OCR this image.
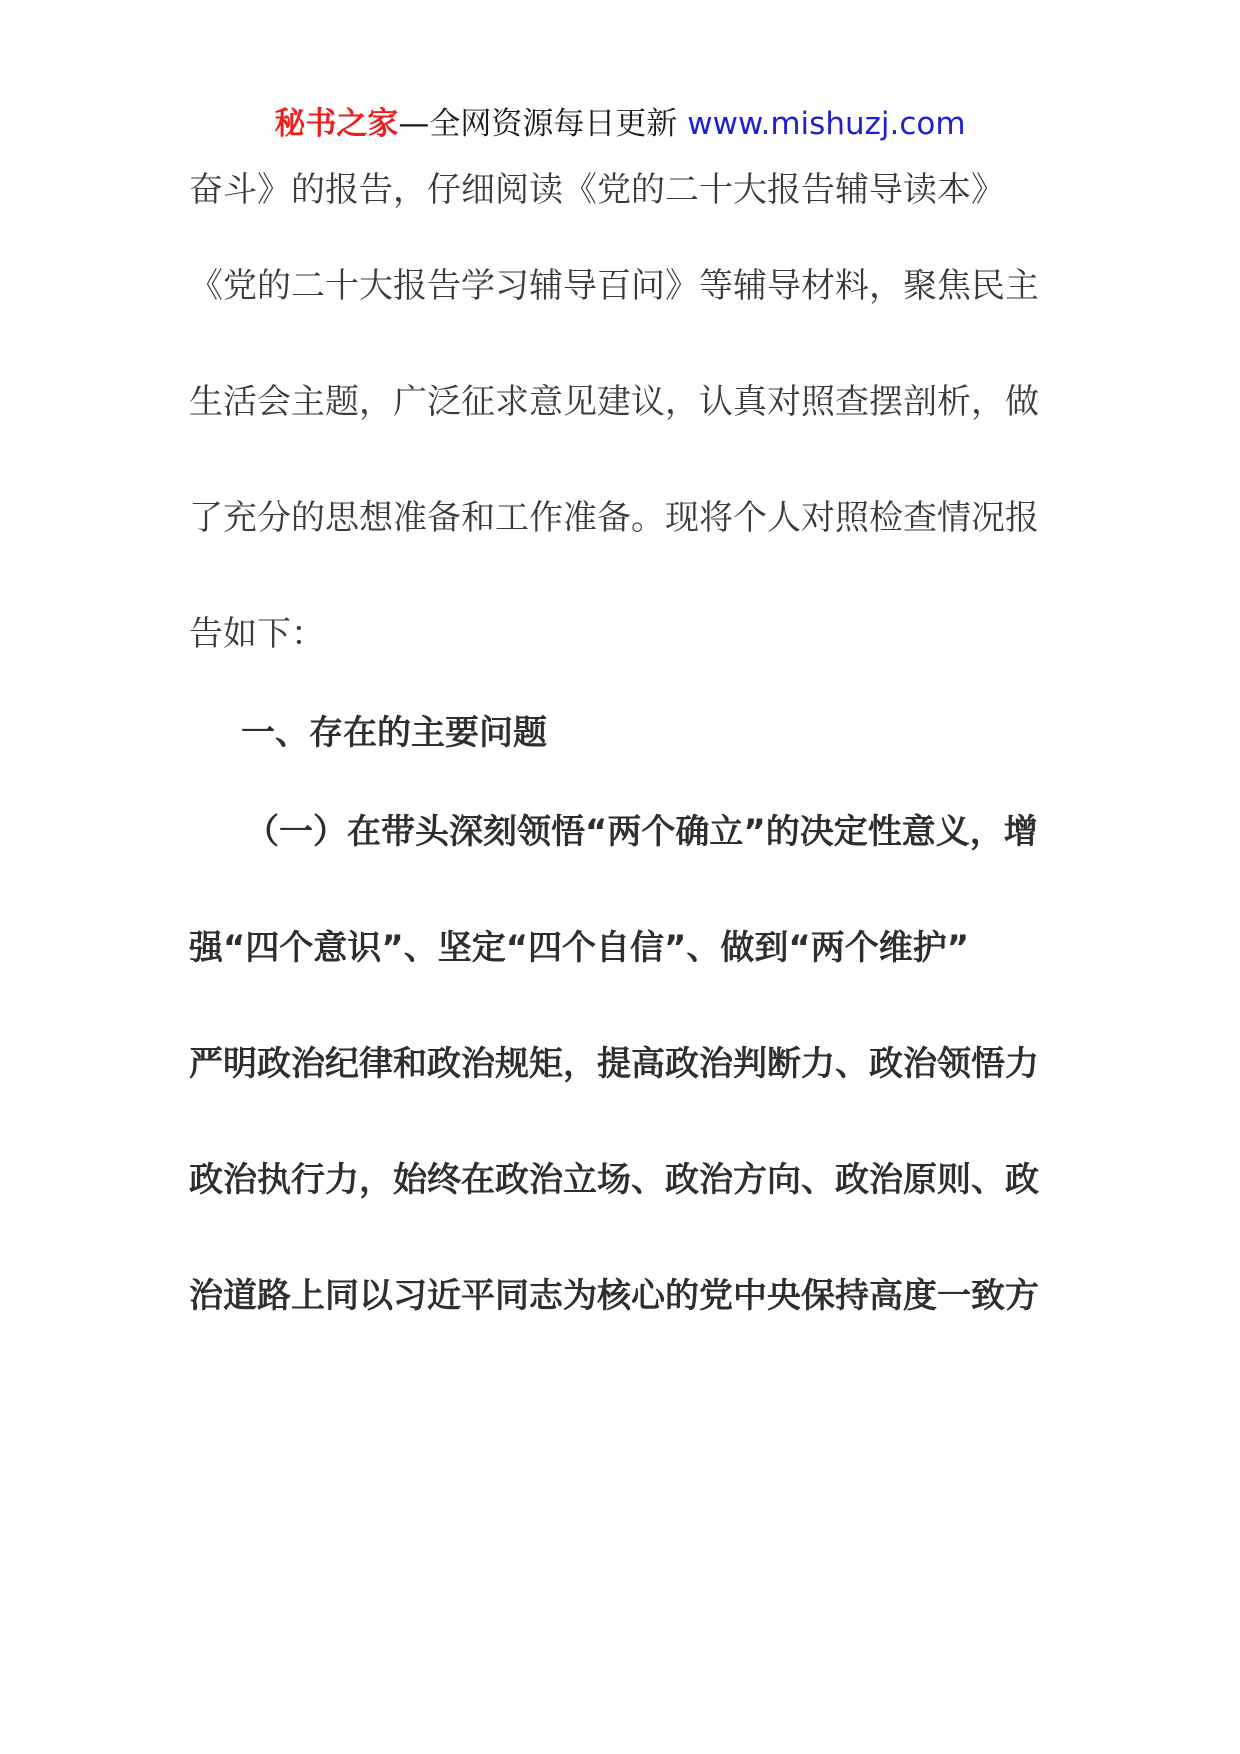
秘书之家—全网资源每日更新 www.mishuzj.com
奋斗》的报告，仔细阅读《党的二十大报告辅导读本》
《党的二十大报告学习辅导百问》等辅导材料，聚焦民主
生活会主题，广泛征求意见建议，认真对照查摆剖析，做
了充分的思想准备和工作准备。现将个人对照检查情况报
告如下：
一、存在的主要问题
（一）在带头深刻领悟“两个确立”的决定性意义，增
强“四个意识”、坚定“四个自信”、做到“两个维护”
严明政治纪律和政治规矩，提高政治判断力、政治领悟力
政治执行力，始终在政治立场、政治方向、政治原则、政
治道路上同以习近平同志为核心的党中央保持高度一致方
